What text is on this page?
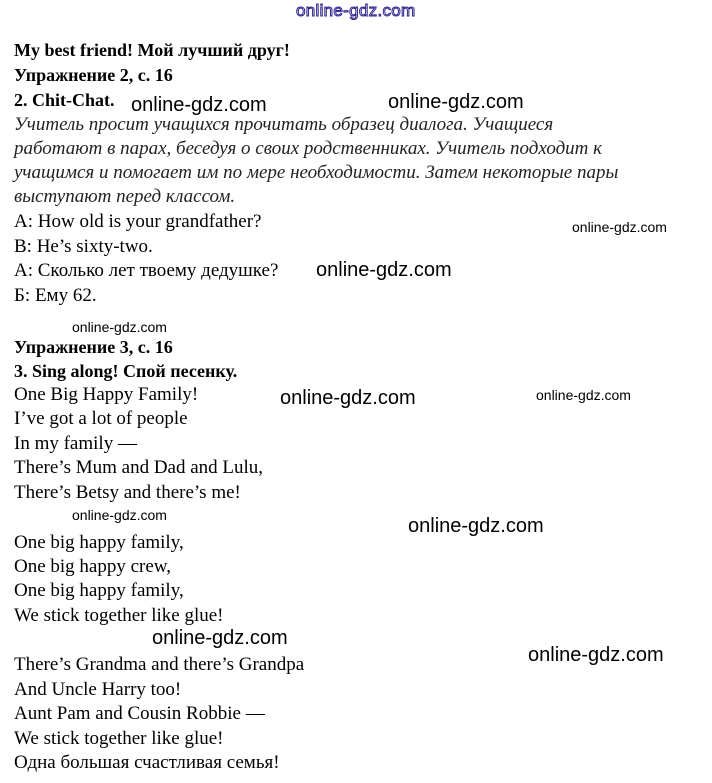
online-gdz.com
My best friend! Мой лучший друг!
Упражнение 2, с. 16
2. Chit-Chat.
Учитель просит учащихся прочитать образец диалога. Учащиеся
работают в парах, беседуя о своих родственниках. Учитель подходит к
учащимся и помогает им по мере необходимости. Затем некоторые пары
выступают перед классом.
A: How old is your grandfather?
B: He’s sixty-two.
А: Сколько лет твоему дедушке?
Б: Ему 62.
Упражнение 3, с. 16
3. Sing along! Спой песенку.
One Big Happy Family!
I’ve got a lot of people
In my family —
There’s Mum and Dad and Lulu,
There’s Betsy and there’s me!
One big happy family,
One big happy crew,
One big happy family,
We stick together like glue!
There’s Grandma and there’s Grandpa
And Uncle Harry too!
Aunt Pam and Cousin Robbie —
We stick together like glue!
Одна большая счастливая семья!
online-gdz.com	online-gdz.com
online-gdz.com
online-gdz.com
online-gdz.com
online-gdz.com	online-gdz.com
online-gdz.com	online-gdz.com
online-gdz.com
online-gdz.com
